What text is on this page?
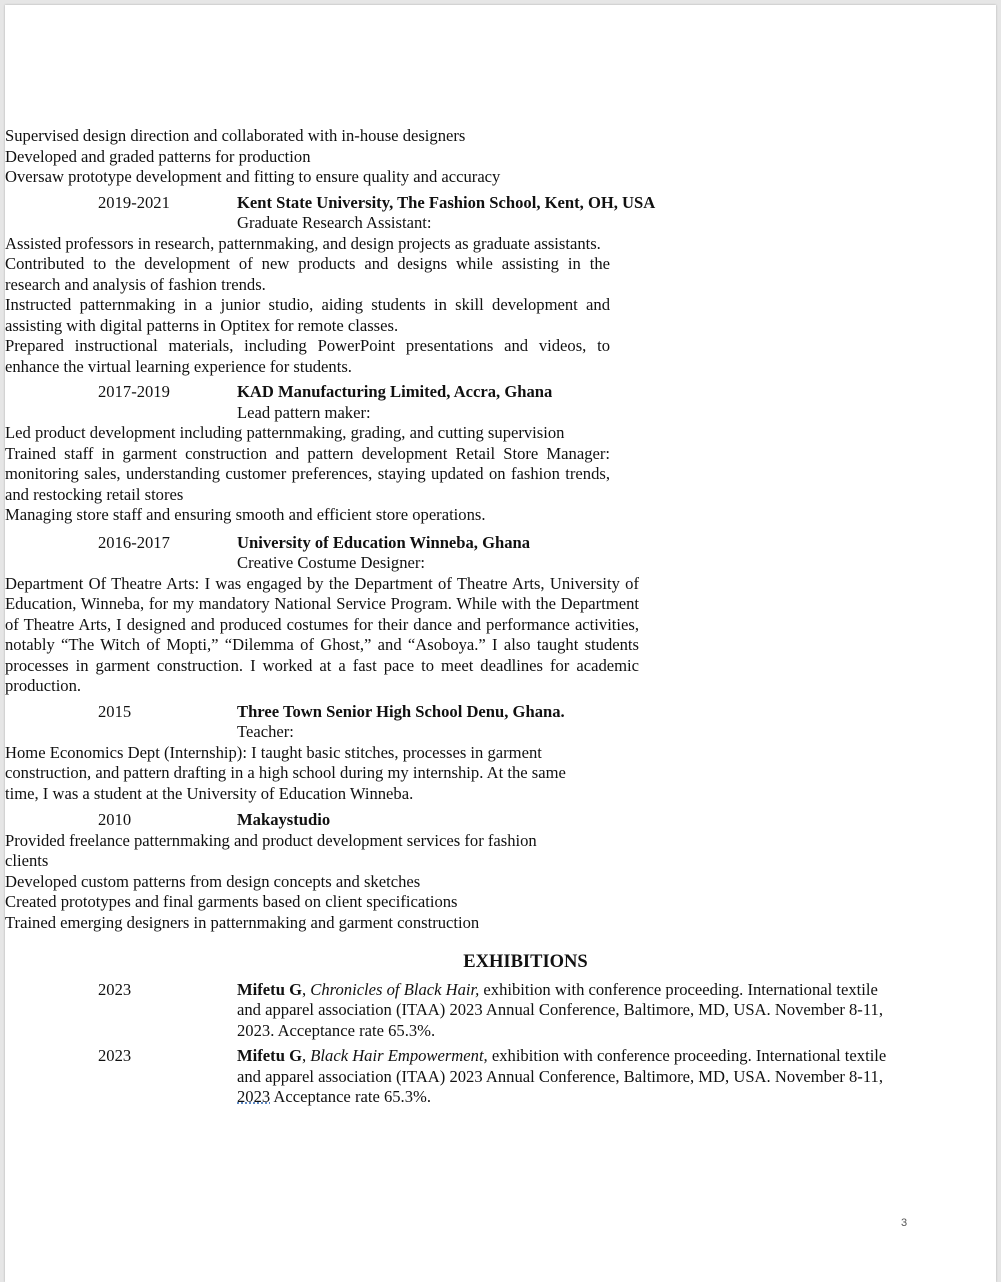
Supervised design direction and collaborated with in-house designers
Developed and graded patterns for production
Oversaw prototype development and fitting to ensure quality and accuracy
2019-2021	Kent State University, The Fashion School, Kent, OH, USA
Graduate Research Assistant:
Assisted professors in research, patternmaking, and design projects as graduate assistants.
Contributed to the development of new products and designs while assisting in the research and analysis of fashion trends.
Instructed patternmaking in a junior studio, aiding students in skill development and assisting with digital patterns in Optitex for remote classes.
Prepared instructional materials, including PowerPoint presentations and videos, to enhance the virtual learning experience for students.
2017-2019	KAD Manufacturing Limited, Accra, Ghana
Lead pattern maker:
Led product development including patternmaking, grading, and cutting supervision
Trained staff in garment construction and pattern development Retail Store Manager: monitoring sales, understanding customer preferences, staying updated on fashion trends, and restocking retail stores
Managing store staff and ensuring smooth and efficient store operations.
2016-2017	University of Education Winneba, Ghana
Creative Costume Designer:
Department Of Theatre Arts: I was engaged by the Department of Theatre Arts, University of Education, Winneba, for my mandatory National Service Program. While with the Department of Theatre Arts, I designed and produced costumes for their dance and performance activities, notably “The Witch of Mopti,” “Dilemma of Ghost,” and “Asoboya.” I also taught students processes in garment construction. I worked at a fast pace to meet deadlines for academic production.
2015	Three Town Senior High School Denu, Ghana.
Teacher:
Home Economics Dept (Internship): I taught basic stitches, processes in garment construction, and pattern drafting in a high school during my internship. At the same time, I was a student at the University of Education Winneba.
2010	Makaystudio
Provided freelance patternmaking and product development services for fashion clients
Developed custom patterns from design concepts and sketches
Created prototypes and final garments based on client specifications
Trained emerging designers in patternmaking and garment construction
EXHIBITIONS
2023	Mifetu G, Chronicles of Black Hair, exhibition with conference proceeding. International textile and apparel association (ITAA) 2023 Annual Conference, Baltimore, MD, USA. November 8-11, 2023. Acceptance rate 65.3%.
2023	Mifetu G, Black Hair Empowerment, exhibition with conference proceeding. International textile and apparel association (ITAA) 2023 Annual Conference, Baltimore, MD, USA. November 8-11, 2023 Acceptance rate 65.3%.
3
